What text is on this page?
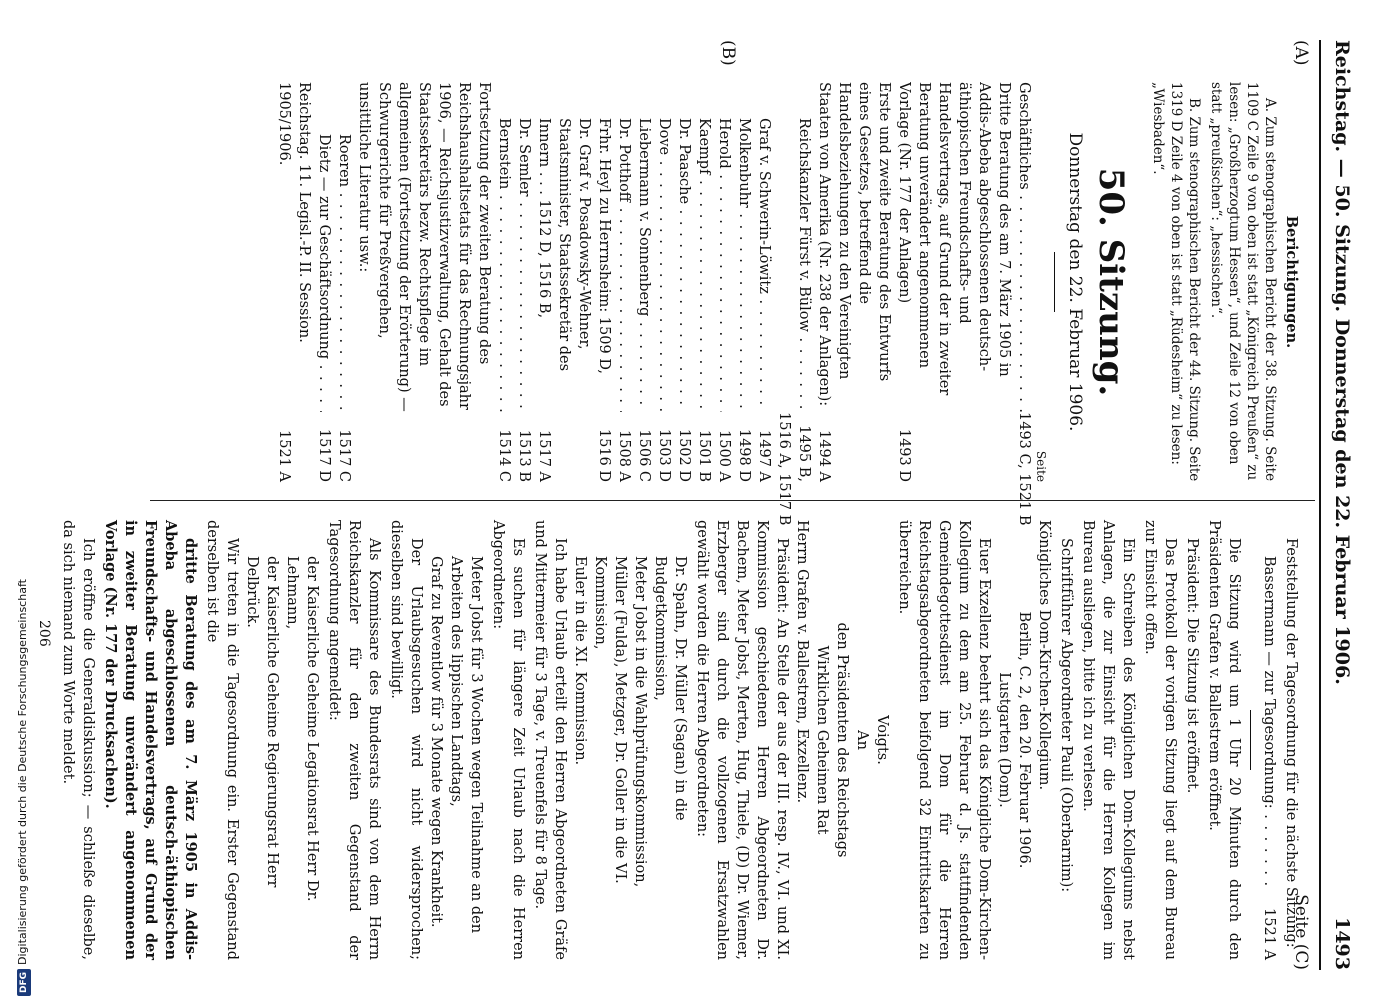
Reichstag. — 50. Sitzung. Donnerstag den 22. Februar 1906.
1493
(A)
Seite (C)
(B)
Berichtigungen.

A. Zum stenographischen Bericht der 38. Sitzung. Seite 1109 C Zeile 9 von oben ist statt „Königreich Preußen“ zu lesen: „Großherzogtum Hessen“, und Zeile 12 von oben statt „preußischen“: „hessischen“.

B. Zum stenographischen Bericht der 44. Sitzung. Seite 1319 D Zeile 4 von oben ist statt „Rüdesheim“ zu lesen: „Wiesbaden“.

50. Sitzung.
Donnerstag den 22. Februar 1906.
Seite
Geschäftliches . . .
1493 C, 1521 B
Dritte Beratung des am 7. März 1905 in Addis-Abeba abgeschlossenen deutsch-äthiopischen Freundschafts- und Handelsvertrags, auf Grund der in zweiter Beratung unverändert angenommenen Vorlage (Nr. 177 der Anlagen)
1493 D
Erste und zweite Beratung des Entwurfs eines Gesetzes, betreffend die Handelsbeziehungen zu den Vereinigten Staaten von Amerika (Nr. 238 der Anlagen):
1494 A
Reichskanzler Fürst v. Bülow . . .
1495 B,
1516 A, 1517 B
Graf v. Schwerin-Löwitz . . .
1497 A
Molkenbuhr . . .
1498 D
Herold . . .
1500 A
Kaempf . . .
1501 B
Dr. Paasche . . .
1502 D
Dove . . .
1503 D
Liebermann v. Sonnenberg . . .
1506 C
Dr. Potthoff . . .
1508 A
Frhr. Heyl zu Herrnsheim: 1509 D,
1516 D
Dr. Graf v. Posadowsky-Wehner, Staatsminister, Staatssekretär des Innern . . . 1512 D, 1516 B,
1517 A
Dr. Semler . . .
1513 B
Bernstein . . .
1514 C
Fortsetzung der zweiten Beratung des Reichshaushaltsetats für das Rechnungsjahr 1906, — Reichsjustizverwaltung, Gehalt des Staatssekretärs bezw. Rechtspflege im allgemeinen (Fortsetzung der Erörterung) — Schwurgerichte für Preßvergehen, unsittliche Literatur usw.:
Roeren . . .
1517 C
Dietz — zur Geschäftsordnung . . .
1517 D
Reichstag. 11. Legisl.-P. II. Session. 1905/1906.
1521 A

Feststellung der Tagesordnung für die nächste Sitzung:

Bassermann — zur Tagesordnung: . . .
1521 A

Die Sitzung wird um 1 Uhr 20 Minuten durch den Präsidenten Grafen v. Ballestrem eröffnet.

Präsident: Die Sitzung ist eröffnet.

Das Protokoll der vorigen Sitzung liegt auf dem Bureau zur Einsicht offen.

Ein Schreiben des Königlichen Dom-Kollegiums nebst Anlagen, die zur Einsicht für die Herren Kollegen im Bureau ausliegen, bitte ich zu verlesen.

Schriftführer Abgeordneter Pauli (Oberbarnim):

Königliches Dom-Kirchen-Kollegium.
Berlin, C. 2, den 20. Februar 1906.
Lustgarten (Dom).

Euer Exzellenz beehrt sich das Königliche Dom-Kirchen-Kollegium zu dem am 25. Februar d. Js. stattfindenden Gemeindegottesdienst im Dom für die Herren Reichstagsabgeordneten beifolgend 32 Eintrittskarten zu überreichen.

Voigts.
An
den Präsidenten des Reichstags
Wirklichen Geheimen Rat
Herrn Grafen v. Ballestrem, Exzellenz.

Präsident: An Stelle der aus der III. resp. IV., VI. und XI. Kommission geschiedenen Herren Abgeordneten Dr. Bachem, Meter Jobst, Merten, Hug, Thiele, (D) Dr. Wiemer, Erzberger sind durch die vollzogenen Ersatzwahlen gewählt worden die Herren Abgeordneten:

Dr. Spahn, Dr. Müller (Sagan) in die Budgetkommission,
Meter Jobst in die Wahlprüfungskommission,
Müller (Fulda), Metzger, Dr. Goller in die VI. Kommission,
Euler in die XI. Kommission.

Ich habe Urlaub erteilt den Herren Abgeordneten Gräfe und Mittermeier für 3 Tage, v. Treuenfels für 8 Tage.

Es suchen für längere Zeit Urlaub nach die Herren Abgeordneten:

Meter Jobst für 3 Wochen wegen Teilnahme an den Arbeiten des lippischen Landtags,
Graf zu Reventlow für 3 Monate wegen Krankheit.

Der Urlaubsgesuchen wird nicht widersprochen; dieselben sind bewilligt.

Als Kommissare des Bundesrats sind von dem Herrn Reichskanzler für den zweiten Gegenstand der Tagesordnung angemeldet:

der Kaiserliche Geheime Legationsrat Herr Dr. Lehmann,
der Kaiserliche Geheime Regierungsrat Herr Delbrück.

Wir treten in die Tagesordnung ein. Erster Gegenstand derselben ist die

dritte Beratung des am 7. März 1905 in Addis-Abeba abgeschlossenen deutsch-äthiopischen Freundschafts- und Handelsvertrags, auf Grund der in zweiter Beratung unverändert angenommenen Vorlage (Nr. 177 der Drucksachen).

Ich eröffne die Generaldiskussion; — schließe dieselbe, da sich niemand zum Worte meldet.

206
DFGDigitalisierung gefördert durch die Deutsche Forschungsgemeinschaft
